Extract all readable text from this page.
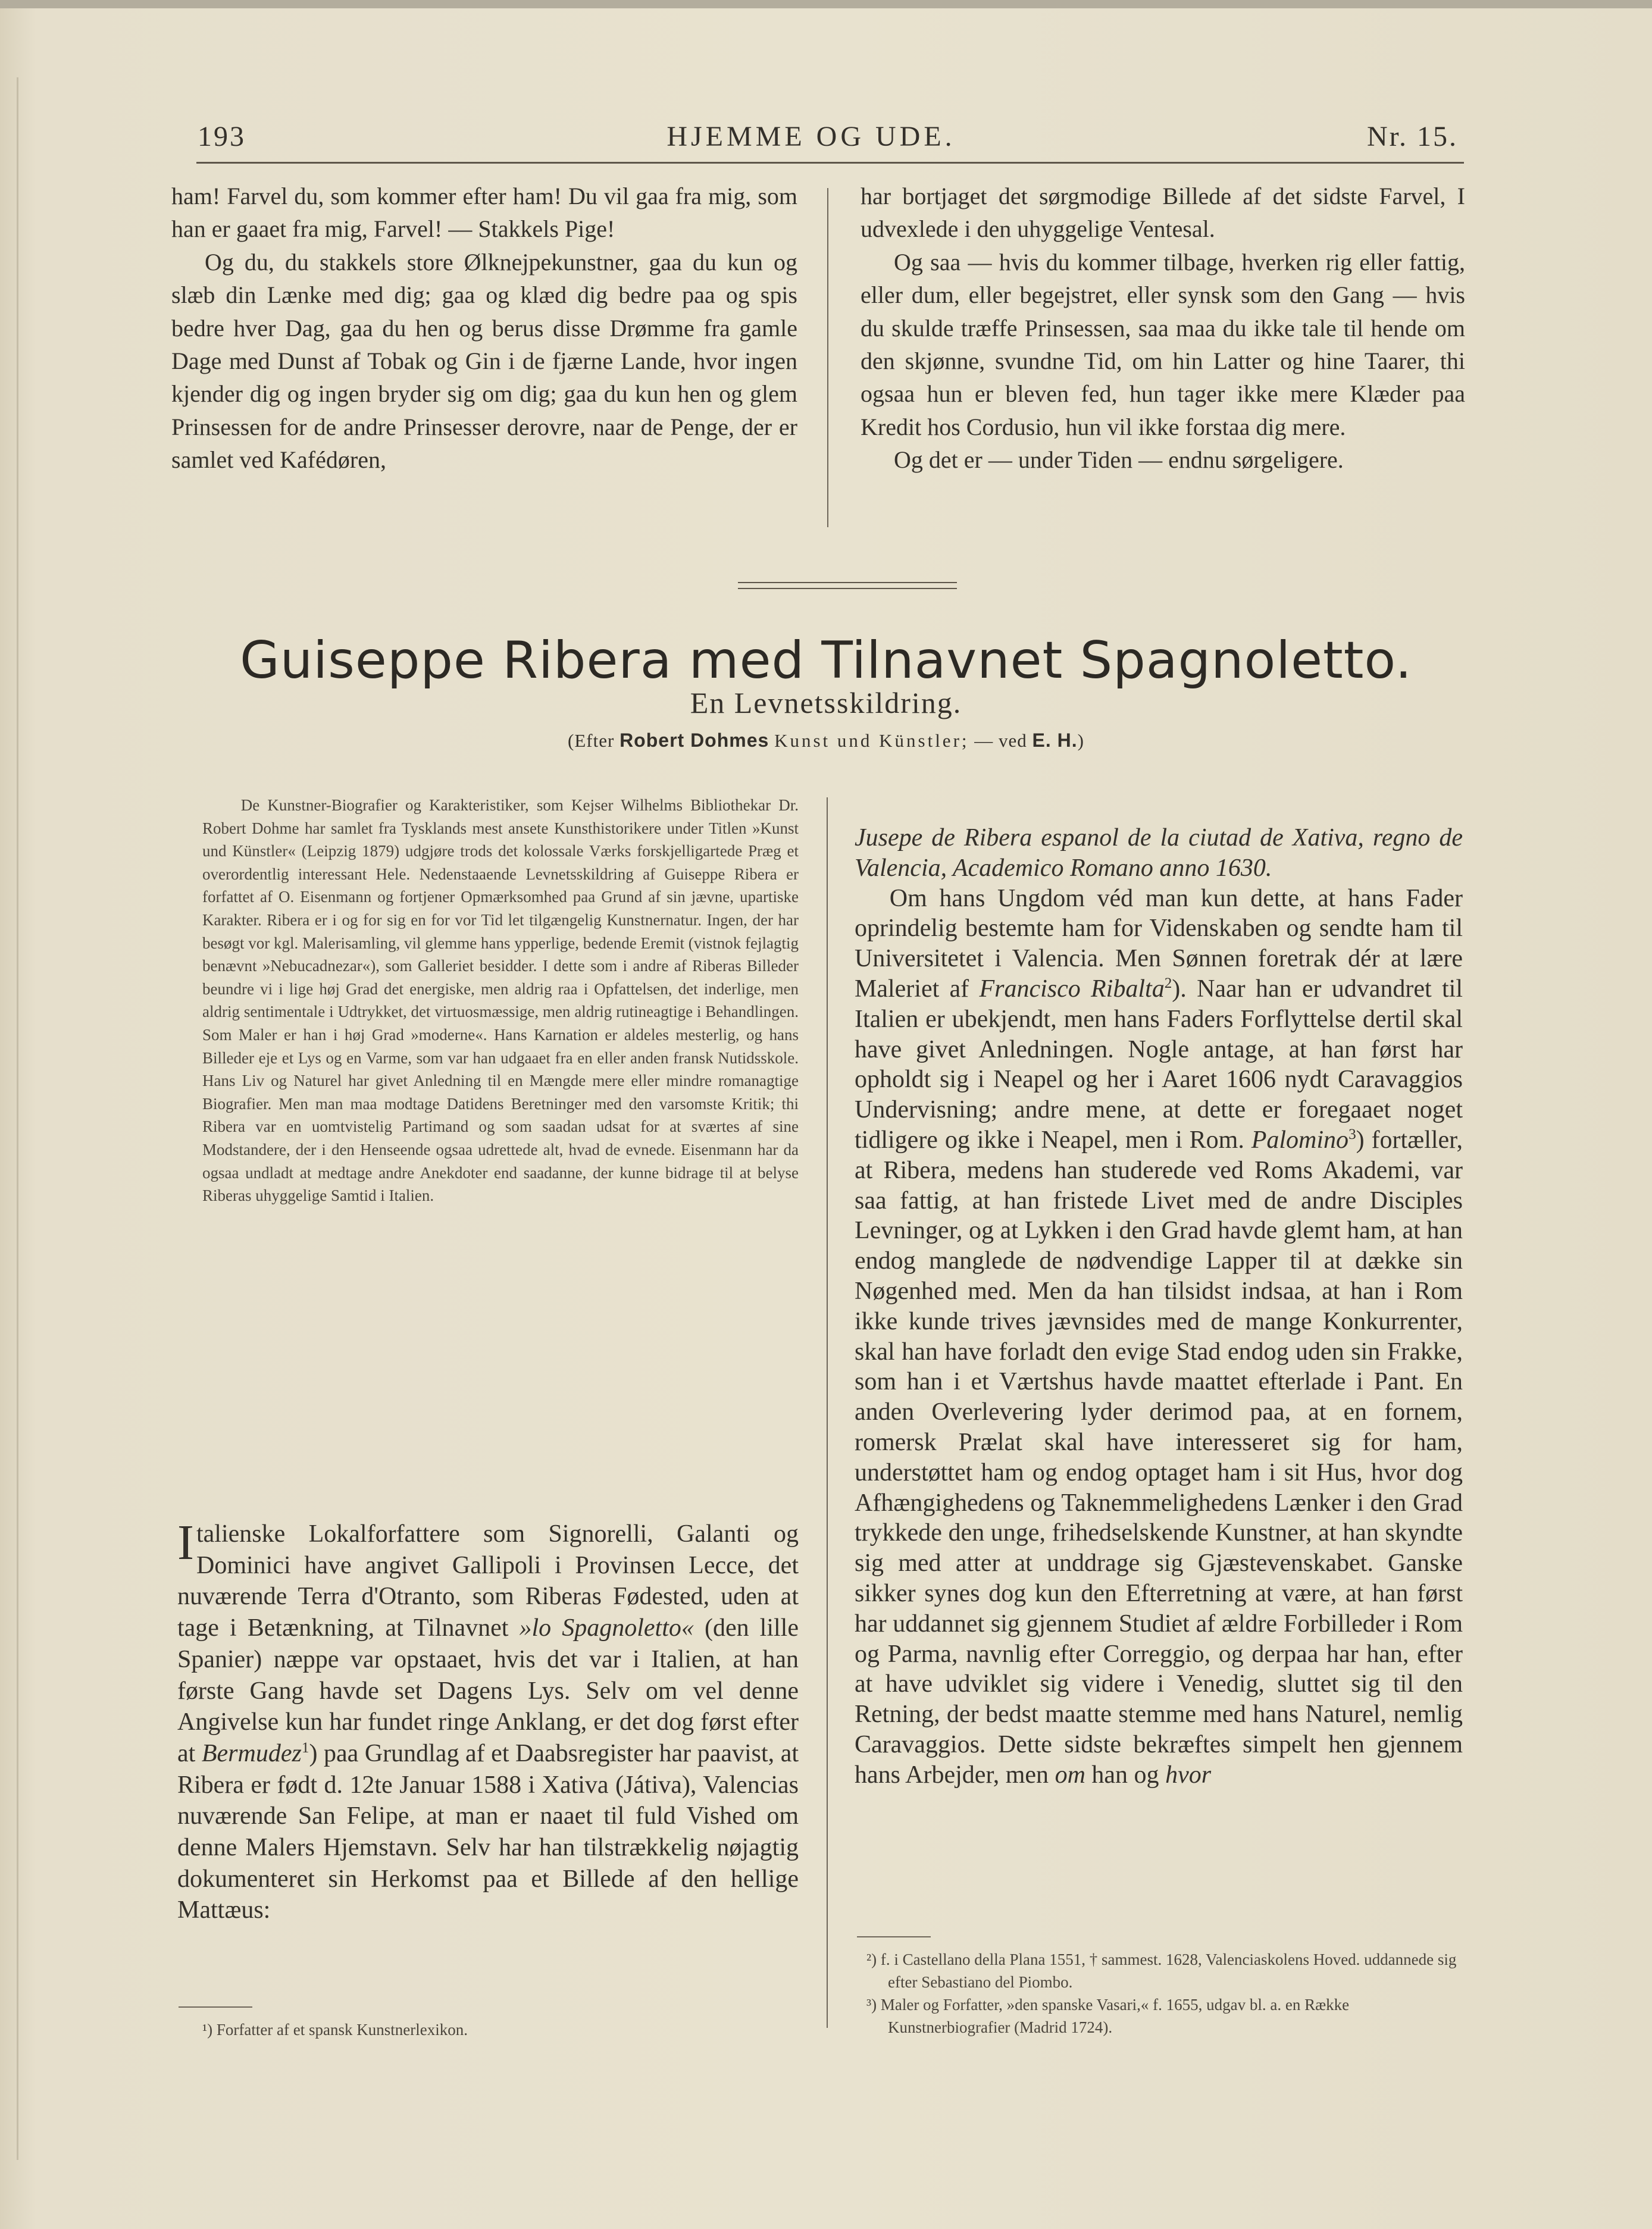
193	HJEMME OG UDE.	Nr. 15.

ham! Farvel du, som kommer efter ham! Du vil gaa fra mig, som han er gaaet fra mig, Farvel! — Stakkels Pige!

Og du, du stakkels store Ølknejpekunstner, gaa du kun og slæb din Lænke med dig; gaa og klæd dig bedre paa og spis bedre hver Dag, gaa du hen og berus disse Drømme fra gamle Dage med Dunst af Tobak og Gin i de fjærne Lande, hvor ingen kjender dig og ingen bryder sig om dig; gaa du kun hen og glem Prinsessen for de andre Prinsesser derovre, naar de Penge, der er samlet ved Kafédøren,

har bortjaget det sørgmodige Billede af det sidste Farvel, I udvexlede i den uhyggelige Ventesal.

Og saa — hvis du kommer tilbage, hverken rig eller fattig, eller dum, eller begejstret, eller synsk som den Gang — hvis du skulde træffe Prinsessen, saa maa du ikke tale til hende om den skjønne, svundne Tid, om hin Latter og hine Taarer, thi ogsaa hun er bleven fed, hun tager ikke mere Klæder paa Kredit hos Cordusio, hun vil ikke forstaa dig mere.

Og det er — under Tiden — endnu sørgeligere.

Guiseppe Ribera med Tilnavnet Spagnoletto.
En Levnetsskildring.
(Efter Robert Dohmes Kunst und Künstler; — ved E. H.)

De Kunstner-Biografier og Karakteristiker, som Kejser Wilhelms Bibliothekar Dr. Robert Dohme har samlet fra Tysklands mest ansete Kunsthistorikere under Titlen »Kunst und Künstler« (Leipzig 1879) udgjøre trods det kolossale Værks forskjelligartede Præg et overordentlig interessant Hele. Nedenstaaende Levnetsskildring af Guiseppe Ribera er forfattet af O. Eisenmann og fortjener Opmærksomhed paa Grund af sin jævne, upartiske Karakter. Ribera er i og for sig en for vor Tid let tilgængelig Kunstnernatur. Ingen, der har besøgt vor kgl. Malerisamling, vil glemme hans ypperlige, bedende Eremit (vistnok fejlagtig benævnt »Nebucadnezar«), som Galleriet besidder. I dette som i andre af Riberas Billeder beundre vi i lige høj Grad det energiske, men aldrig raa i Opfattelsen, det inderlige, men aldrig sentimentale i Udtrykket, det virtuosmæssige, men aldrig rutineagtige i Behandlingen. Som Maler er han i høj Grad »moderne«. Hans Karnation er aldeles mesterlig, og hans Billeder eje et Lys og en Varme, som var han udgaaet fra en eller anden fransk Nutidsskole. Hans Liv og Naturel har givet Anledning til en Mængde mere eller mindre romanagtige Biografier. Men man maa modtage Datidens Beretninger med den varsomste Kritik; thi Ribera var en uomtvistelig Partimand og som saadan udsat for at sværtes af sine Modstandere, der i den Henseende ogsaa udrettede alt, hvad de evnede. Eisenmann har da ogsaa undladt at medtage andre Anekdoter end saadanne, der kunne bidrage til at belyse Riberas uhyggelige Samtid i Italien.

Italienske Lokalforfattere som Signorelli, Galanti og Dominici have angivet Gallipoli i Provinsen Lecce, det nuværende Terra d'Otranto, som Riberas Fødested, uden at tage i Betænkning, at Tilnavnet »lo Spagnoletto« (den lille Spanier) næppe var opstaaet, hvis det var i Italien, at han første Gang havde set Dagens Lys. Selv om vel denne Angivelse kun har fundet ringe Anklang, er det dog først efter at Bermudez$^1$) paa Grundlag af et Daabsregister har paavist, at Ribera er født d. 12te Januar 1588 i Xativa (Játiva), Valencias nuværende San Felipe, at man er naaet til fuld Vished om denne Malers Hjemstavn. Selv har han tilstrækkelig nøjagtig dokumenteret sin Herkomst paa et Billede af den hellige Mattæus:

Jusepe de Ribera espanol de la ciutad de Xativa, regno de Valencia, Academico Romano anno 1630.

Om hans Ungdom véd man kun dette, at hans Fader oprindelig bestemte ham for Videnskaben og sendte ham til Universitetet i Valencia. Men Sønnen foretrak dér at lære Maleriet af Francisco Ribalta$^2$). Naar han er udvandret til Italien er ubekjendt, men hans Faders Forflyttelse dertil skal have givet Anledningen. Nogle antage, at han først har opholdt sig i Neapel og her i Aaret 1606 nydt Caravaggios Undervisning; andre mene, at dette er foregaaet noget tidligere og ikke i Neapel, men i Rom. Palomino$^3$) fortæller, at Ribera, medens han studerede ved Roms Akademi, var saa fattig, at han fristede Livet med de andre Disciples Levninger, og at Lykken i den Grad havde glemt ham, at han endog manglede de nødvendige Lapper til at dække sin Nøgenhed med. Men da han tilsidst indsaa, at han i Rom ikke kunde trives jævnsides med de mange Konkurrenter, skal han have forladt den evige Stad endog uden sin Frakke, som han i et Værtshus havde maattet efterlade i Pant. En anden Overlevering lyder derimod paa, at en fornem, romersk Prælat skal have interesseret sig for ham, understøttet ham og endog optaget ham i sit Hus, hvor dog Afhængighedens og Taknemmelighedens Lænker i den Grad trykkede den unge, frihedselskende Kunstner, at han skyndte sig med atter at unddrage sig Gjæstevenskabet. Ganske sikker synes dog kun den Efterretning at være, at han først har uddannet sig gjennem Studiet af ældre Forbilleder i Rom og Parma, navnlig efter Correggio, og derpaa har han, efter at have udviklet sig videre i Venedig, sluttet sig til den Retning, der bedst maatte stemme med hans Naturel, nemlig Caravaggios. Dette sidste bekræftes simpelt hen gjennem hans Arbejder, men om han og hvor

¹) Forfatter af et spansk Kunstnerlexikon.

²) f. i Castellano della Plana 1551, † sammest. 1628, Valenciaskolens Hoved. uddannede sig efter Sebastiano del Piombo.

³) Maler og Forfatter, »den spanske Vasari,« f. 1655, udgav bl. a. en Række Kunstnerbiografier (Madrid 1724).
